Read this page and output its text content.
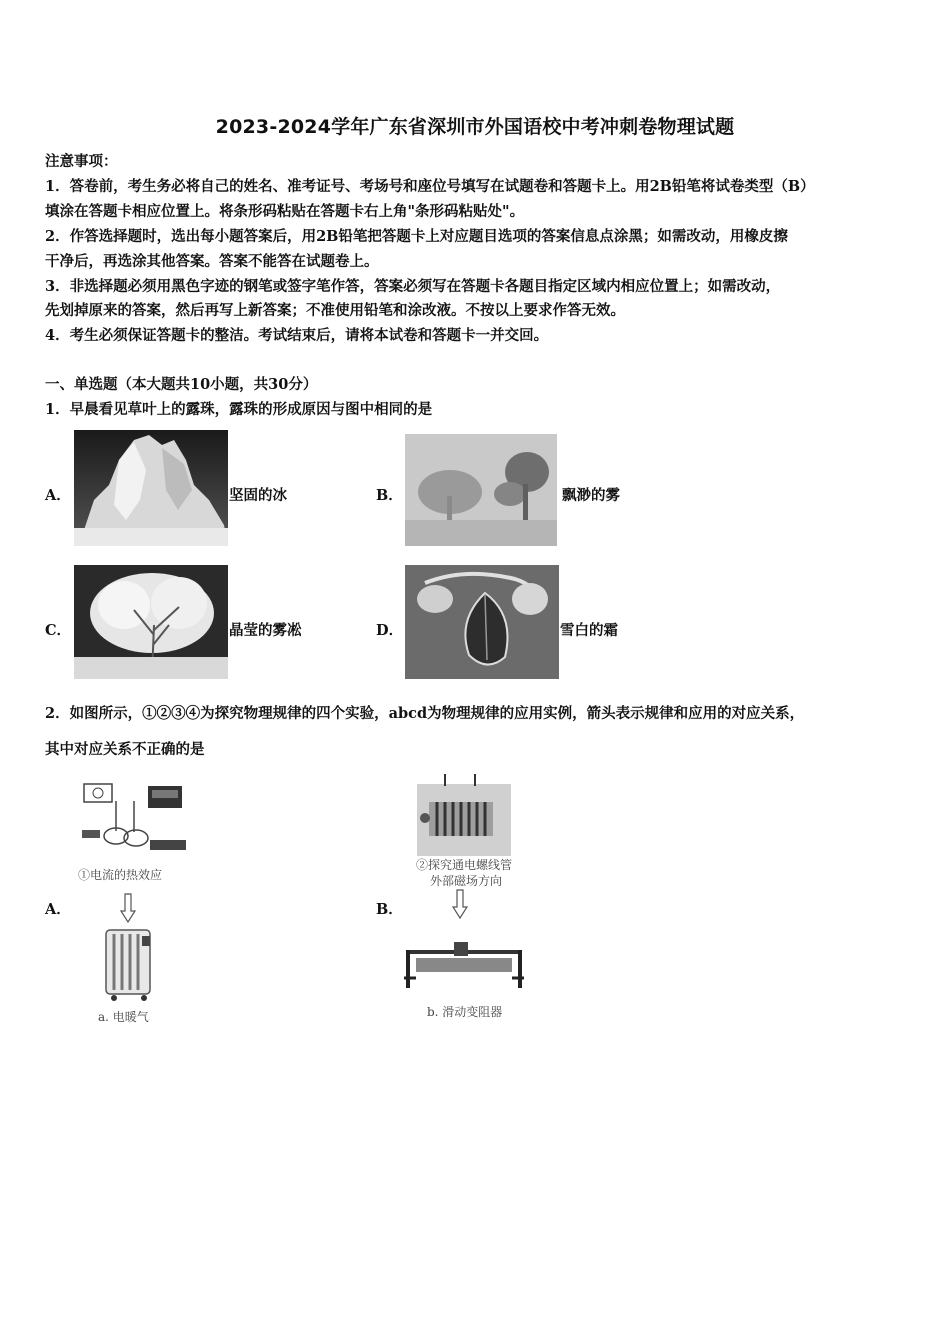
2023-2024学年广东省深圳市外国语校中考冲刺卷物理试题
注意事项：
1．答卷前，考生务必将自己的姓名、准考证号、考场号和座位号填写在试题卷和答题卡上。用2B铅笔将试卷类型（B）
填涂在答题卡相应位置上。将条形码粘贴在答题卡右上角"条形码粘贴处"。
2．作答选择题时，选出每小题答案后，用2B铅笔把答题卡上对应题目选项的答案信息点涂黑；如需改动，用橡皮擦
干净后，再选涂其他答案。答案不能答在试题卷上。
3．非选择题必须用黑色字迹的钢笔或签字笔作答，答案必须写在答题卡各题目指定区域内相应位置上；如需改动，
先划掉原来的答案，然后再写上新答案；不准使用铅笔和涂改液。不按以上要求作答无效。
4．考生必须保证答题卡的整洁。考试结束后，请将本试卷和答题卡一并交回。
一、单选题（本大题共10小题，共30分）
1．早晨看见草叶上的露珠，露珠的形成原因与图中相同的是
A．	坚固的冰	B．	飘渺的雾
C．	晶莹的雾凇	D．	雪白的霜
2．如图所示，①②③④为探究物理规律的四个实验，abcd为物理规律的应用实例，箭头表示规律和应用的对应关系，
其中对应关系不正确的是
A．
①电流的热效应
a. 电暖气
B．
②探究通电螺线管
外部磁场方向
b. 滑动变阻器
